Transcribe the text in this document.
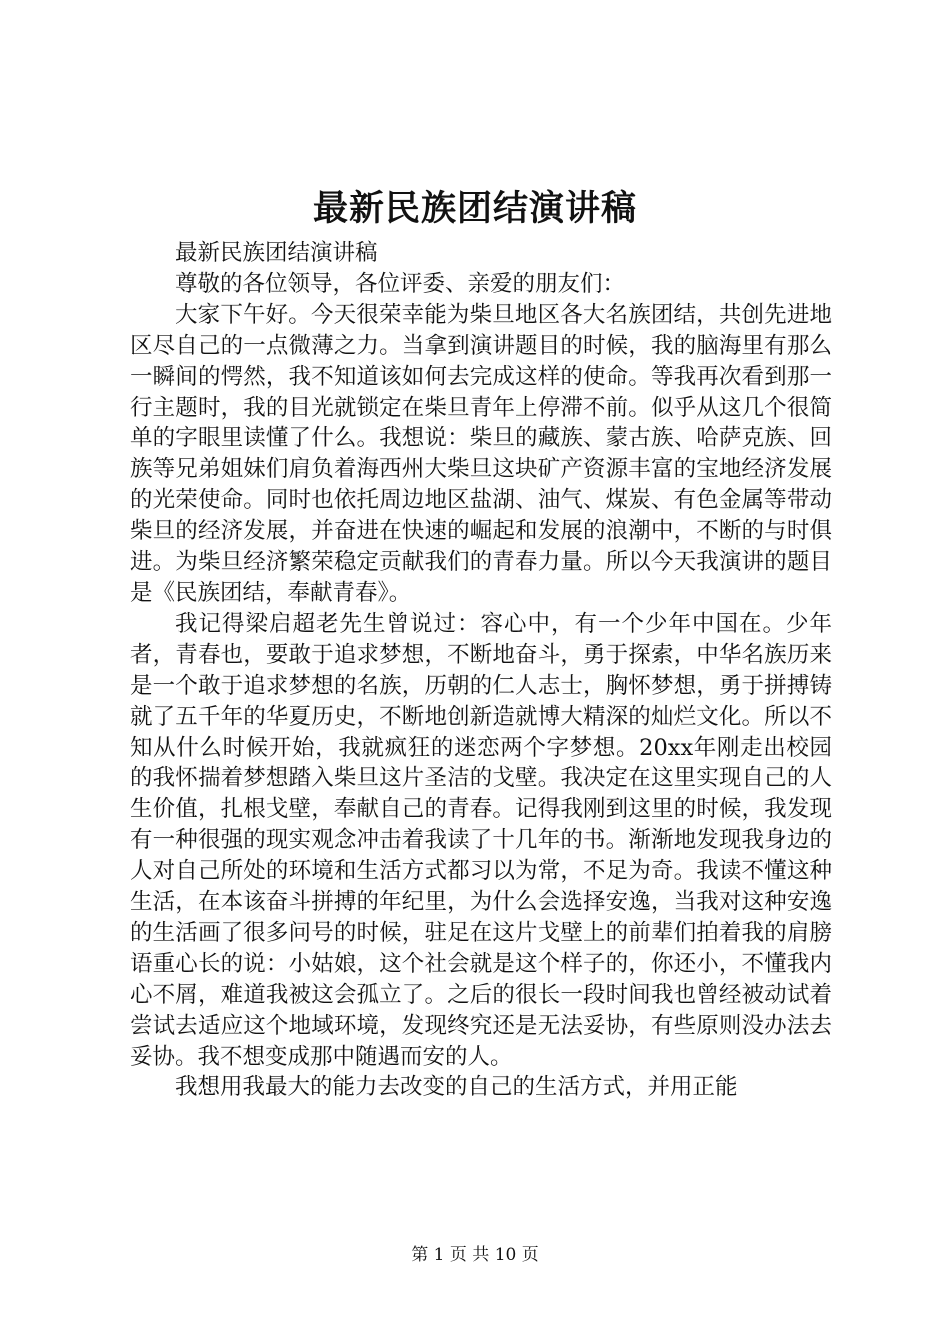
最新民族团结演讲稿

最新民族团结演讲稿

尊敬的各位领导，各位评委、亲爱的朋友们：

大家下午好。今天很荣幸能为柴旦地区各大名族团结，共创先进地区尽自己的一点微薄之力。当拿到演讲题目的时候，我的脑海里有那么一瞬间的愕然，我不知道该如何去完成这样的使命。等我再次看到那一行主题时，我的目光就锁定在柴旦青年上停滞不前。似乎从这几个很简单的字眼里读懂了什么。我想说：柴旦的藏族、蒙古族、哈萨克族、回族等兄弟姐妹们肩负着海西州大柴旦这块矿产资源丰富的宝地经济发展的光荣使命。同时也依托周边地区盐湖、油气、煤炭、有色金属等带动柴旦的经济发展，并奋进在快速的崛起和发展的浪潮中，不断的与时俱进。为柴旦经济繁荣稳定贡献我们的青春力量。所以今天我演讲的题目是《民族团结，奉献青春》。

我记得梁启超老先生曾说过：容心中，有一个少年中国在。少年者，青春也，要敢于追求梦想，不断地奋斗，勇于探索，中华名族历来是一个敢于追求梦想的名族，历朝的仁人志士，胸怀梦想，勇于拼搏铸就了五千年的华夏历史，不断地创新造就博大精深的灿烂文化。所以不知从什么时候开始，我就疯狂的迷恋两个字梦想。20xx年刚走出校园的我怀揣着梦想踏入柴旦这片圣洁的戈壁。我决定在这里实现自己的人生价值，扎根戈壁，奉献自己的青春。记得我刚到这里的时候，我发现有一种很强的现实观念冲击着我读了十几年的书。渐渐地发现我身边的人对自己所处的环境和生活方式都习以为常，不足为奇。我读不懂这种生活，在本该奋斗拼搏的年纪里，为什么会选择安逸，当我对这种安逸的生活画了很多问号的时候，驻足在这片戈壁上的前辈们拍着我的肩膀语重心长的说：小姑娘，这个社会就是这个样子的，你还小，不懂我内心不屑，难道我被这会孤立了。之后的很长一段时间我也曾经被动试着尝试去适应这个地域环境，发现终究还是无法妥协，有些原则没办法去妥协。我不想变成那中随遇而安的人。

我想用我最大的能力去改变的自己的生活方式，并用正能

第 1 页 共 10 页
